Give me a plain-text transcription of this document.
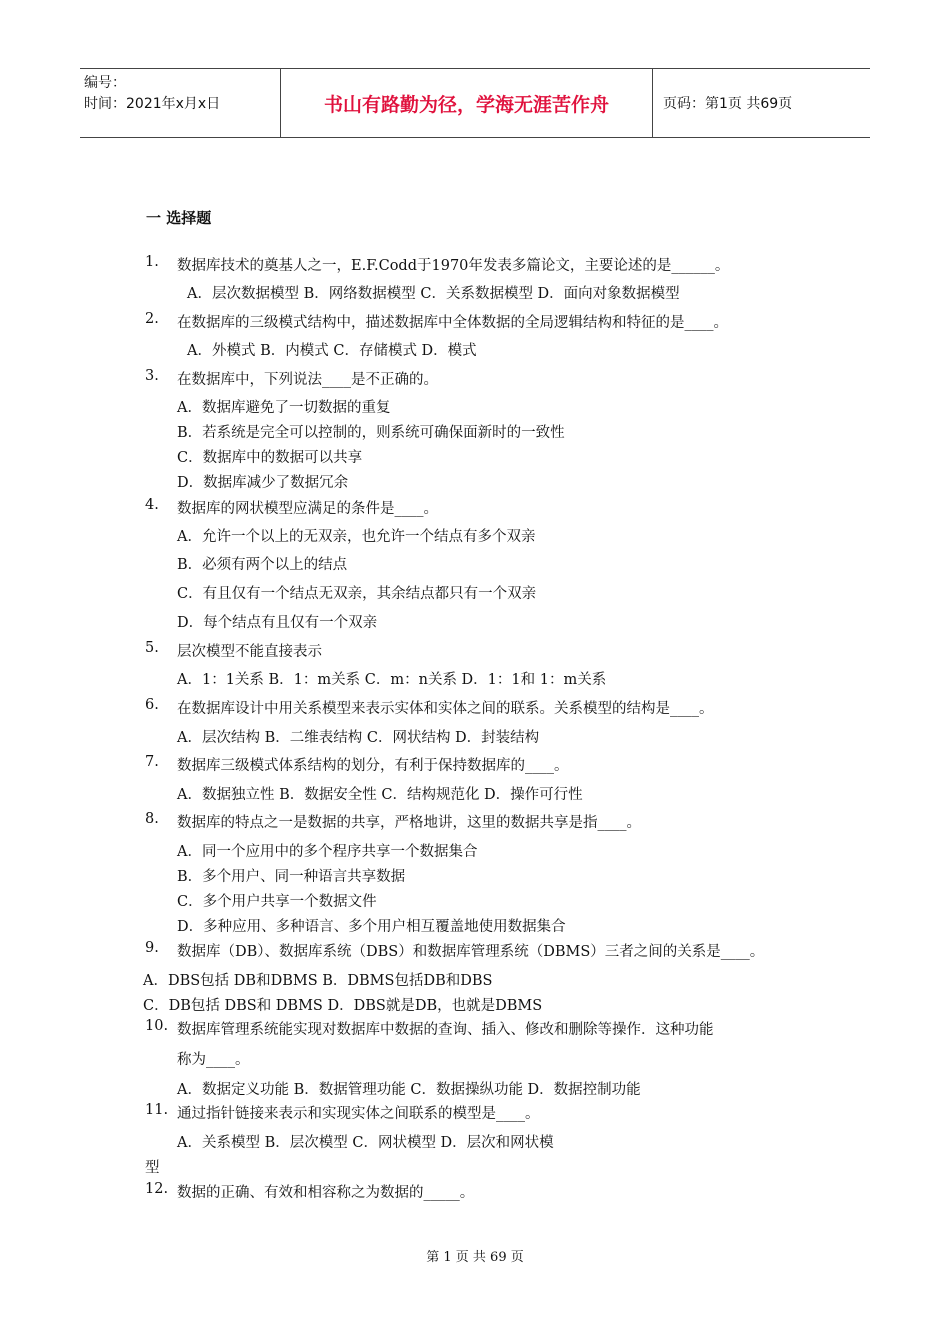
编号：
时间：2021年x月x日	书山有路勤为径，学海无涯苦作舟	页码：第1页 共69页
一 选择题
1. 数据库技术的奠基人之一，E.F.Codd于1970年发表多篇论文，主要论述的是______。
A．层次数据模型 B．网络数据模型 C．关系数据模型 D．面向对象数据模型
2. 在数据库的三级模式结构中，描述数据库中全体数据的全局逻辑结构和特征的是____。
A．外模式 B．内模式 C．存储模式 D．模式
3. 在数据库中，下列说法____是不正确的。
A．数据库避免了一切数据的重复
B．若系统是完全可以控制的，则系统可确保面新时的一致性
C．数据库中的数据可以共享
D．数据库减少了数据冗余
4. 数据库的网状模型应满足的条件是____。
A．允许一个以上的无双亲，也允许一个结点有多个双亲
B．必须有两个以上的结点
C．有且仅有一个结点无双亲，其余结点都只有一个双亲
D．每个结点有且仅有一个双亲
5. 层次模型不能直接表示
A．1：1关系 B．1：m关系 C．m：n关系 D．1：1和 1：m关系
6. 在数据库设计中用关系模型来表示实体和实体之间的联系。关系模型的结构是____。
A．层次结构 B．二维表结构 C．网状结构 D．封装结构
7. 数据库三级模式体系结构的划分，有利于保持数据库的____。
A．数据独立性 B．数据安全性 C．结构规范化 D．操作可行性
8. 数据库的特点之一是数据的共享，严格地讲，这里的数据共享是指____。
A．同一个应用中的多个程序共享一个数据集合
B．多个用户、同一种语言共享数据
C．多个用户共享一个数据文件
D．多种应用、多种语言、多个用户相互覆盖地使用数据集合
9. 数据库（DB）、数据库系统（DBS）和数据库管理系统（DBMS）三者之间的关系是____。
A．DBS包括 DB和DBMS B．DBMS包括DB和DBS
C．DB包括 DBS和 DBMS D．DBS就是DB，也就是DBMS
10. 数据库管理系统能实现对数据库中数据的查询、插入、修改和删除等操作．这种功能
称为____。
A．数据定义功能 B．数据管理功能 C．数据操纵功能 D．数据控制功能
11. 通过指针链接来表示和实现实体之间联系的模型是____。
A．关系模型 B．层次模型 C．网状模型 D．层次和网状模
型
12. 数据的正确、有效和相容称之为数据的_____。
第 1 页 共 69 页
